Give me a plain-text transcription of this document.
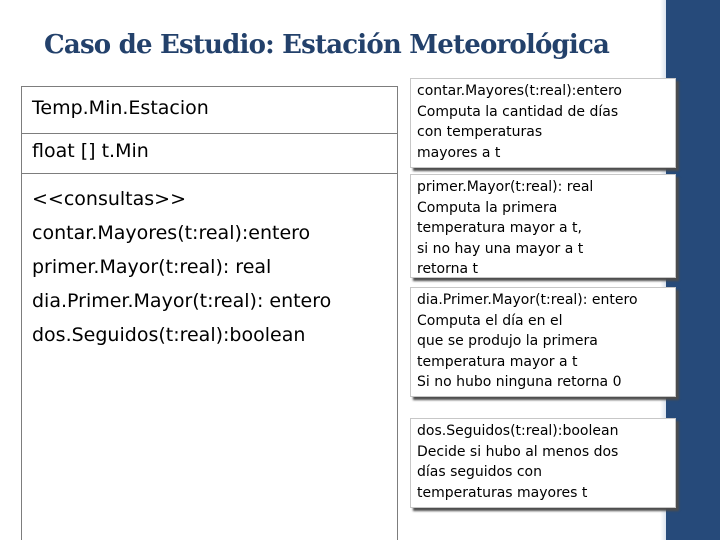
Caso de Estudio: Estación Meteorológica
Temp.Min.Estacion
float [] t.Min
<<consultas>>
contar.Mayores(t:real):entero
primer.Mayor(t:real): real
dia.Primer.Mayor(t:real): entero
dos.Seguidos(t:real):boolean
contar.Mayores(t:real):entero
Computa la cantidad de días
con temperaturas
mayores a t
primer.Mayor(t:real): real
Computa la primera
temperatura mayor a t,
si no hay una mayor a t
retorna t
dia.Primer.Mayor(t:real): entero
Computa el día en el
que se produjo la primera
temperatura mayor a t
Si no hubo ninguna retorna 0
dos.Seguidos(t:real):boolean
Decide si hubo al menos dos
días seguidos con
temperaturas mayores t
